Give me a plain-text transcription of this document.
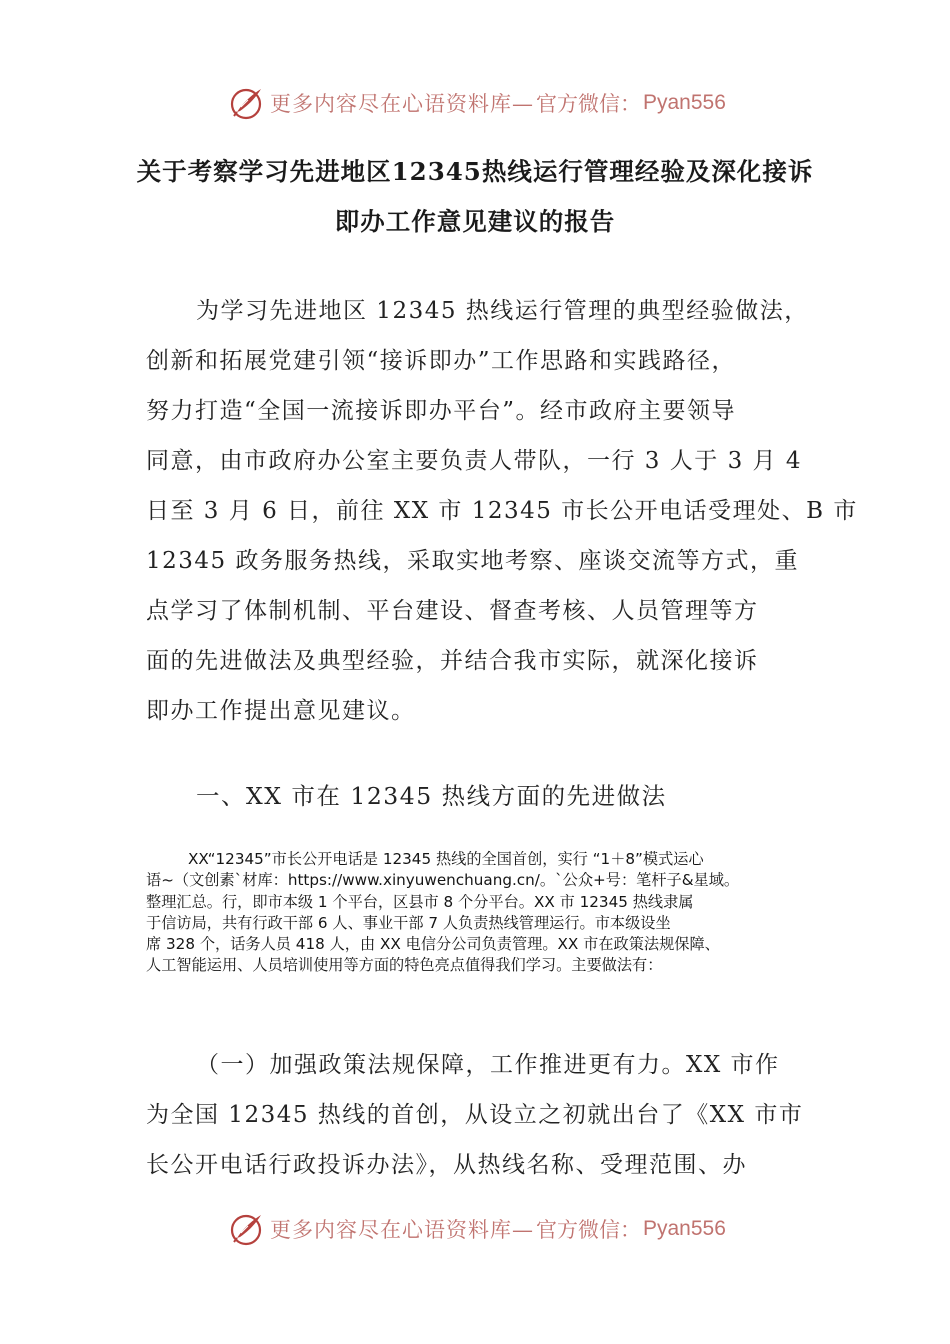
更多内容尽在心语资料库— 官方微信： Pyan556
关于考察学习先进地区12345热线运行管理经验及深化接诉
即办工作意见建议的报告

为学习先进地区 12345 热线运行管理的典型经验做法，

创新和拓展党建引领“接诉即办”工作思路和实践路径，

努力打造“全国一流接诉即办平台”。经市政府主要领导

同意，由市政府办公室主要负责人带队，一行 3 人于 3 月 4

日至 3 月 6 日，前往 XX 市 12345 市长公开电话受理处、B 市

12345 政务服务热线，采取实地考察、座谈交流等方式，重

点学习了体制机制、平台建设、督查考核、人员管理等方

面的先进做法及典型经验，并结合我市实际，就深化接诉

即办工作提出意见建议。

一、XX 市在 12345 热线方面的先进做法

XX“12345”市长公开电话是 12345 热线的全国首创，实行 “1＋8”模式运心
语~（文创素`材库：https://www.xinyuwenchuang.cn/。`公众+号：笔杆子&星域。
整理汇总。行，即市本级 1 个平台，区县市 8 个分平台。XX 市 12345 热线隶属
于信访局，共有行政干部 6 人、事业干部 7 人负责热线管理运行。市本级设坐
席 328 个，话务人员 418 人，由 XX 电信分公司负责管理。XX 市在政策法规保障、
人工智能运用、人员培训使用等方面的特色亮点值得我们学习。主要做法有：

（一）加强政策法规保障，工作推进更有力。XX 市作

为全国 12345 热线的首创，从设立之初就出台了《XX 市市

长公开电话行政投诉办法》，从热线名称、受理范围、办

更多内容尽在心语资料库— 官方微信： Pyan556
